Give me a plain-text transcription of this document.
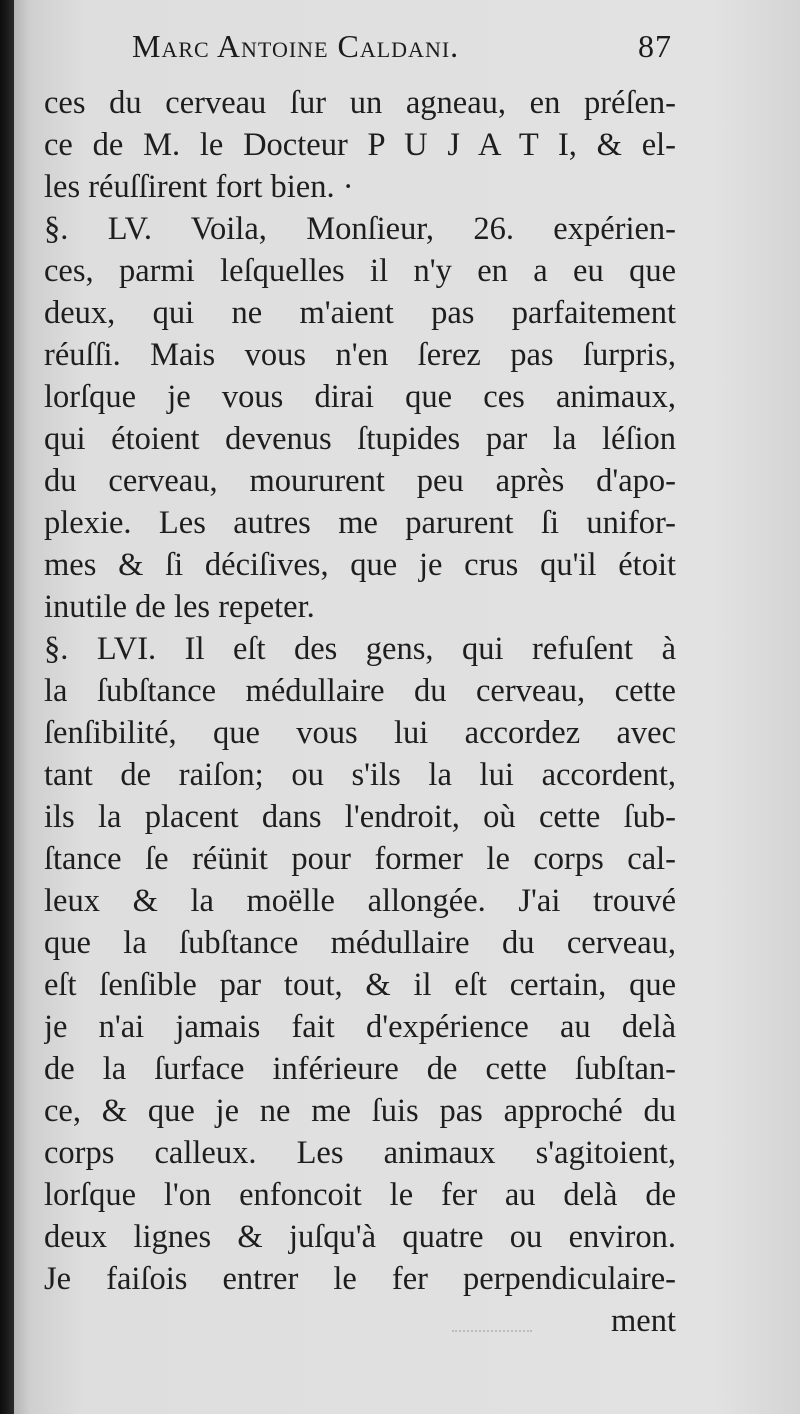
Marc Antoine Caldani.	87
ces du cerveau ſur un agneau, en préſen-
ce de M. le Docteur P U J A T I, & el-
les réuſſirent fort bien. ·
§. LV. Voila, Monſieur, 26. expérien-
ces, parmi leſquelles il n'y en a eu que
deux, qui ne m'aient pas parfaitement
réuſſi. Mais vous n'en ſerez pas ſurpris,
lorſque je vous dirai que ces animaux,
qui étoient devenus ſtupides par la léſion
du cerveau, moururent peu après d'apo-
plexie. Les autres me parurent ſi unifor-
mes & ſi déciſives, que je crus qu'il étoit
inutile de les repeter.
§. LVI. Il eſt des gens, qui refuſent à
la ſubſtance médullaire du cerveau, cette
ſenſibilité, que vous lui accordez avec
tant de raiſon; ou s'ils la lui accordent,
ils la placent dans l'endroit, où cette ſub-
ſtance ſe réünit pour former le corps cal-
leux & la moëlle allongée. J'ai trouvé
que la ſubſtance médullaire du cerveau,
eſt ſenſible par tout, & il eſt certain, que
je n'ai jamais fait d'expérience au delà
de la ſurface inférieure de cette ſubſtan-
ce, & que je ne me ſuis pas approché du
corps calleux. Les animaux s'agitoient,
lorſque l'on enfoncoit le fer au delà de
deux lignes & juſqu'à quatre ou environ.
Je faiſois entrer le fer perpendiculaire-
ment
